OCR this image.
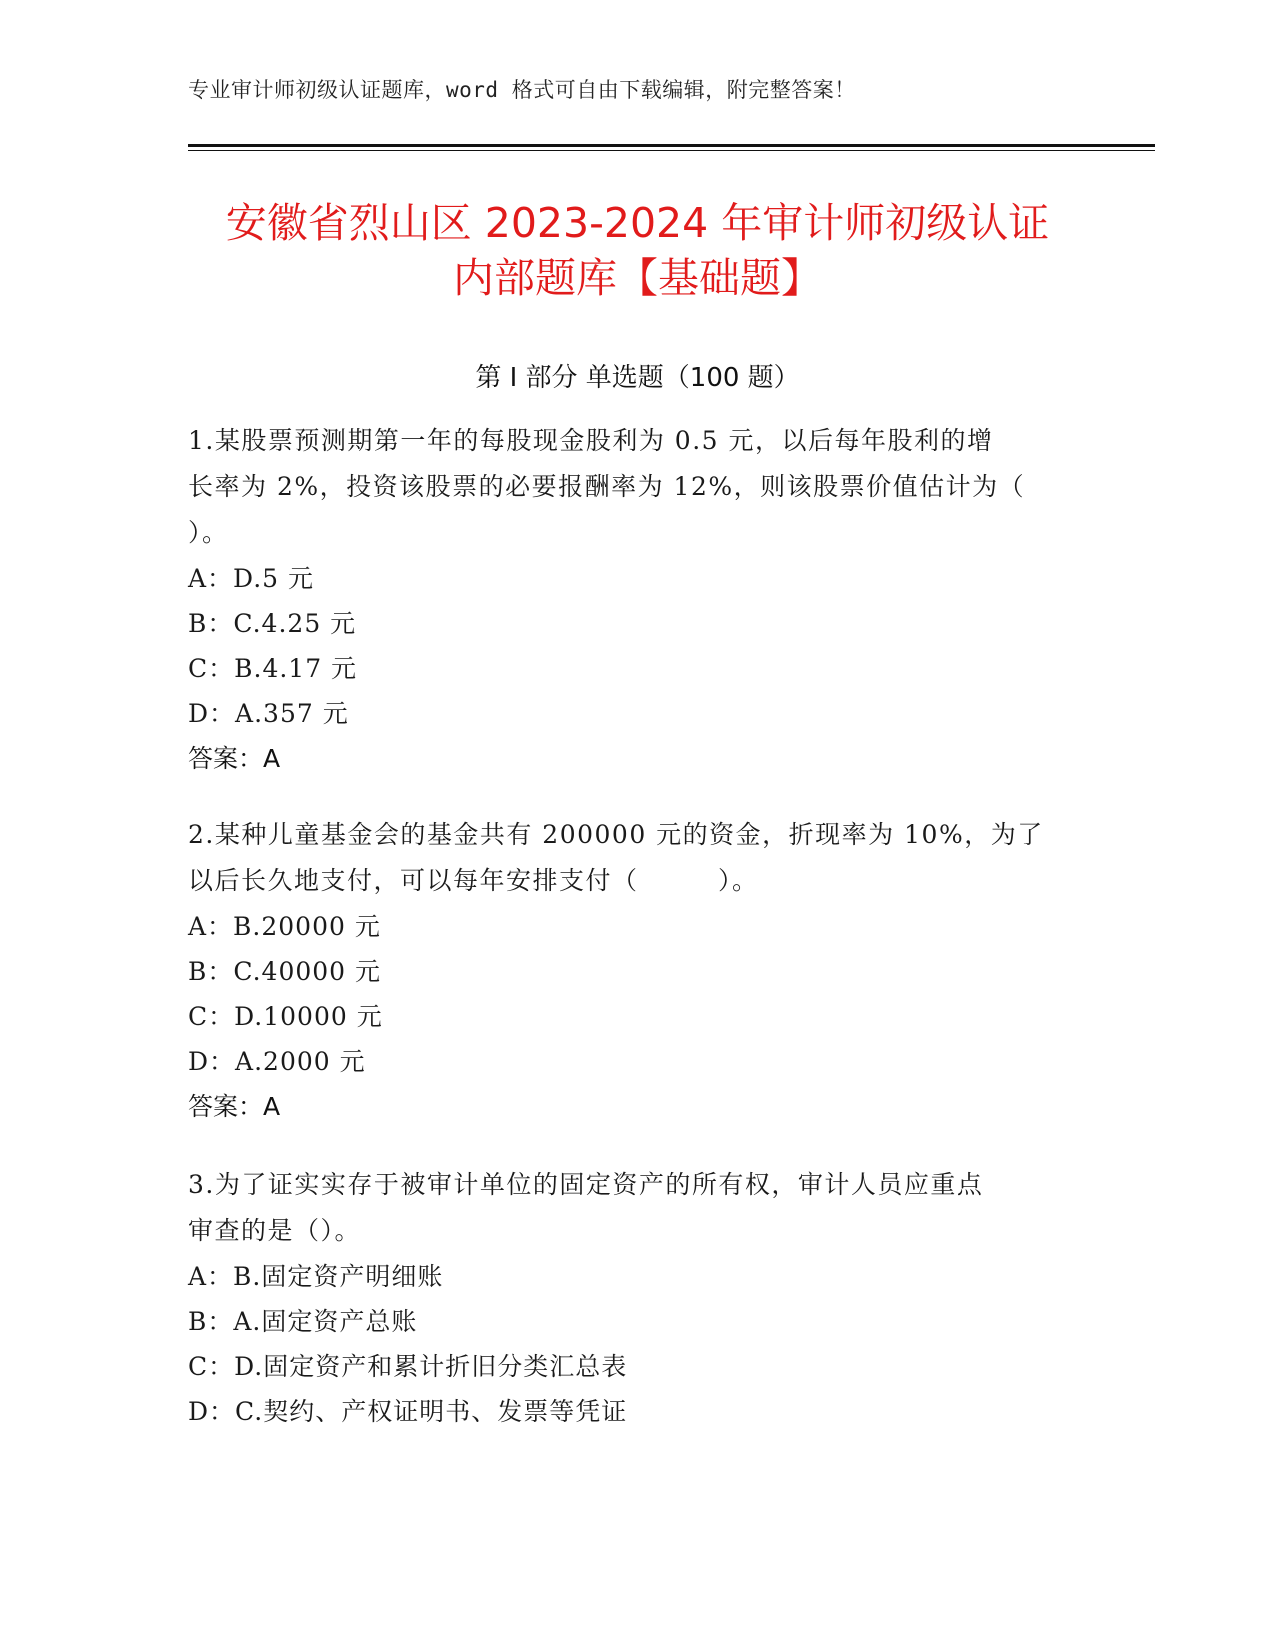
专业审计师初级认证题库，word 格式可自由下载编辑，附完整答案！
安徽省烈山区 2023-2024 年审计师初级认证
内部题库【基础题】
第 I 部分 单选题（100 题）
1.某股票预测期第一年的每股现金股利为 0.5 元，以后每年股利的增
长率为 2%，投资该股票的必要报酬率为 12%，则该股票价值估计为（
）。
A：D.5 元
B：C.4.25 元
C：B.4.17 元
D：A.357 元
答案：A
2.某种儿童基金会的基金共有 200000 元的资金，折现率为 10%，为了
以后长久地支付，可以每年安排支付（　　　）。
A：B.20000 元
B：C.40000 元
C：D.10000 元
D：A.2000 元
答案：A
3.为了证实实存于被审计单位的固定资产的所有权，审计人员应重点
审查的是（）。
A：B.固定资产明细账
B：A.固定资产总账
C：D.固定资产和累计折旧分类汇总表
D：C.契约、产权证明书、发票等凭证
